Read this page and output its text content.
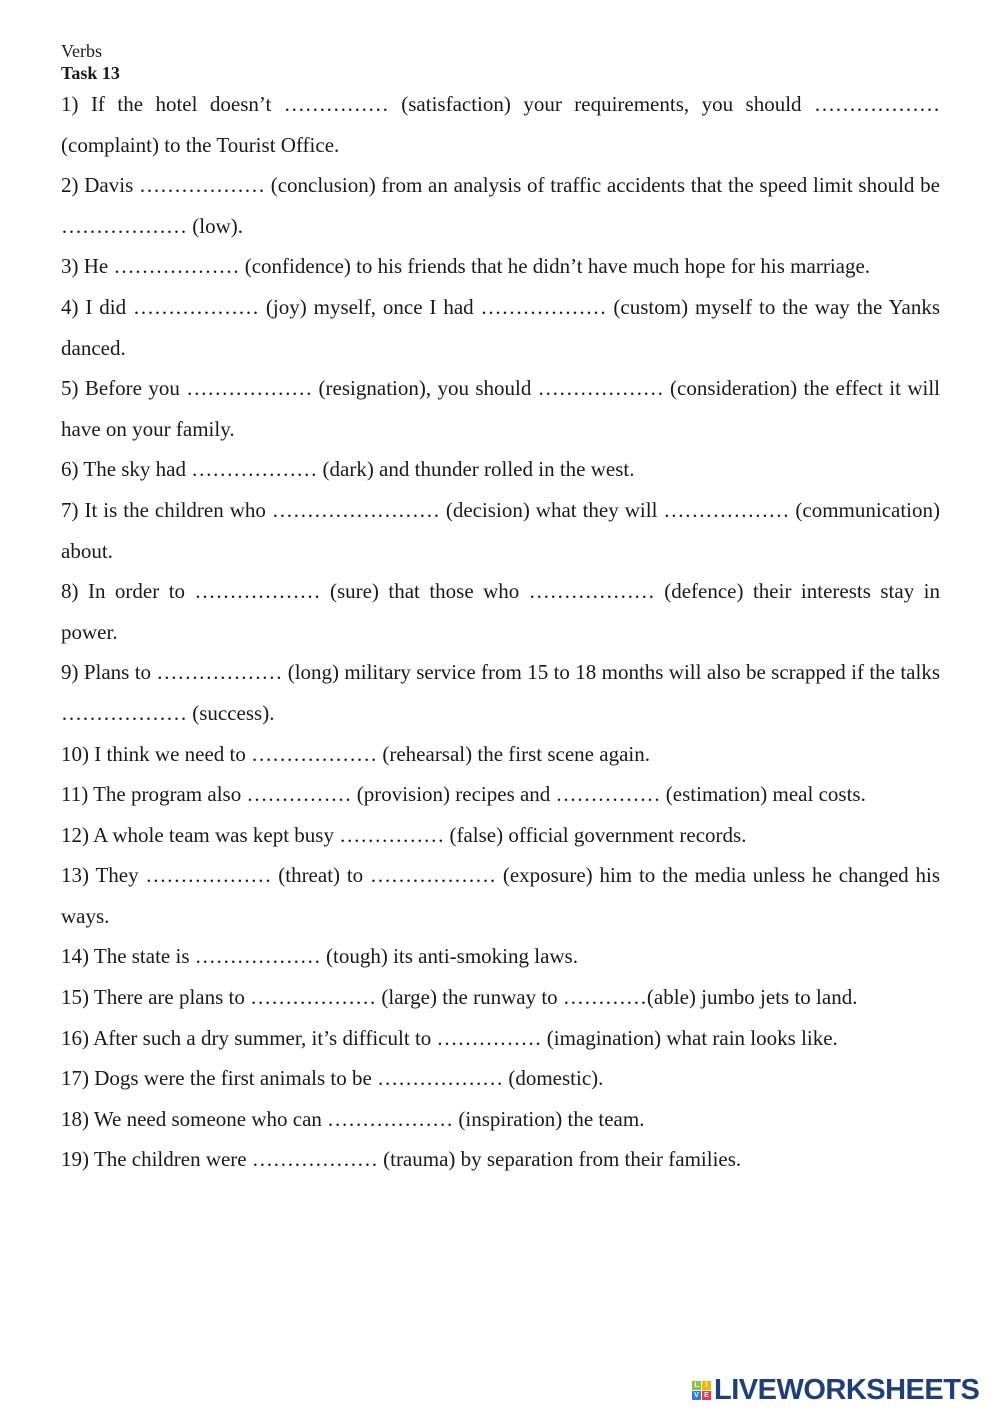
Verbs
Task 13

1) If the hotel doesn’t …………… (satisfaction) your requirements, you should ……………… (complaint) to the Tourist Office.

2) Davis ……………… (conclusion) from an analysis of traffic accidents that the speed limit should be ……………… (low).

3) He ……………… (confidence) to his friends that he didn’t have much hope for his marriage.

4) I did ……………… (joy) myself, once I had ……………… (custom) myself to the way the Yanks danced.

5) Before you ……………… (resignation), you should ……………… (consideration) the effect it will have on your family.

6) The sky had ……………… (dark) and thunder rolled in the west.

7) It is the children who …………………… (decision) what they will ……………… (communication) about.

8) In order to ……………… (sure) that those who ……………… (defence) their interests stay in power.

9) Plans to ……………… (long) military service from 15 to 18 months will also be scrapped if the talks ……………… (success).

10) I think we need to ……………… (rehearsal) the first scene again.

11) The program also …………… (provision) recipes and …………… (estimation) meal costs.

12) A whole team was kept busy …………… (false) official government records.

13) They ……………… (threat) to ……………… (exposure) him to the media unless he changed his ways.

14) The state is ……………… (tough) its anti-smoking laws.

15) There are plans to ……………… (large) the runway to …………(able) jumbo jets to land.

16) After such a dry summer, it’s difficult to …………… (imagination) what rain looks like.

17) Dogs were the first animals to be ……………… (domestic).

18) We need someone who can ……………… (inspiration) the team.

19) The children were ……………… (trauma) by separation from their families.

L I
V E LIVEWORKSHEETS
